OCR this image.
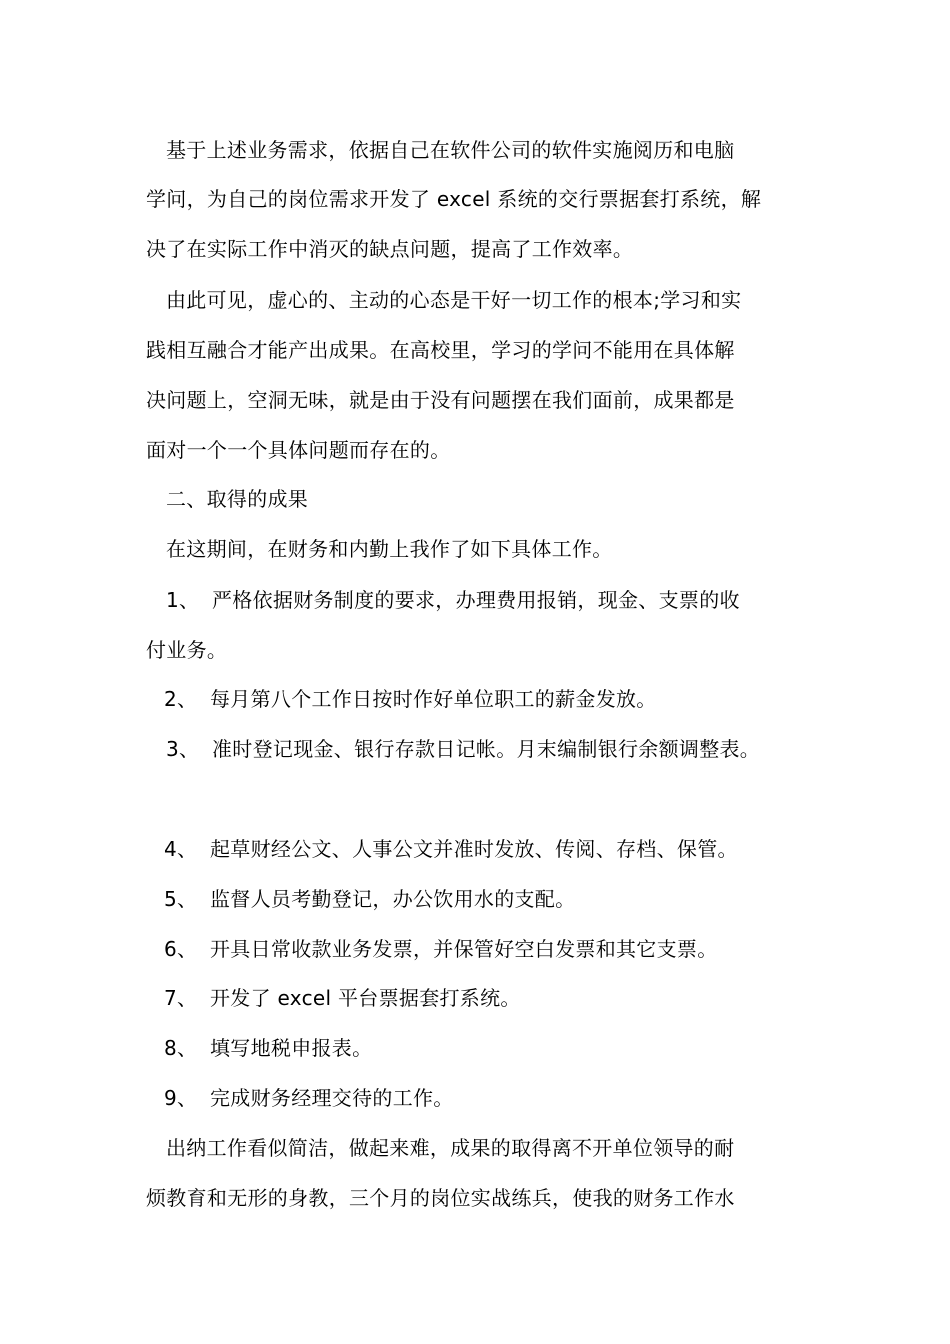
基于上述业务需求，依据自己在软件公司的软件实施阅历和电脑
学问，为自己的岗位需求开发了 excel 系统的交行票据套打系统，解
决了在实际工作中消灭的缺点问题，提高了工作效率。
由此可见，虚心的、主动的心态是干好一切工作的根本;学习和实
践相互融合才能产出成果。在高校里，学习的学问不能用在具体解
决问题上，空洞无味，就是由于没有问题摆在我们面前，成果都是
面对一个一个具体问题而存在的。
二、取得的成果
在这期间，在财务和内勤上我作了如下具体工作。
1、 严格依据财务制度的要求，办理费用报销，现金、支票的收
付业务。
2、 每月第八个工作日按时作好单位职工的薪金发放。
3、 准时登记现金、银行存款日记帐。月末编制银行余额调整表。
4、 起草财经公文、人事公文并准时发放、传阅、存档、保管。
5、 监督人员考勤登记，办公饮用水的支配。
6、 开具日常收款业务发票，并保管好空白发票和其它支票。
7、 开发了 excel 平台票据套打系统。
8、 填写地税申报表。
9、 完成财务经理交待的工作。
出纳工作看似简洁，做起来难，成果的取得离不开单位领导的耐
烦教育和无形的身教，三个月的岗位实战练兵，使我的财务工作水
